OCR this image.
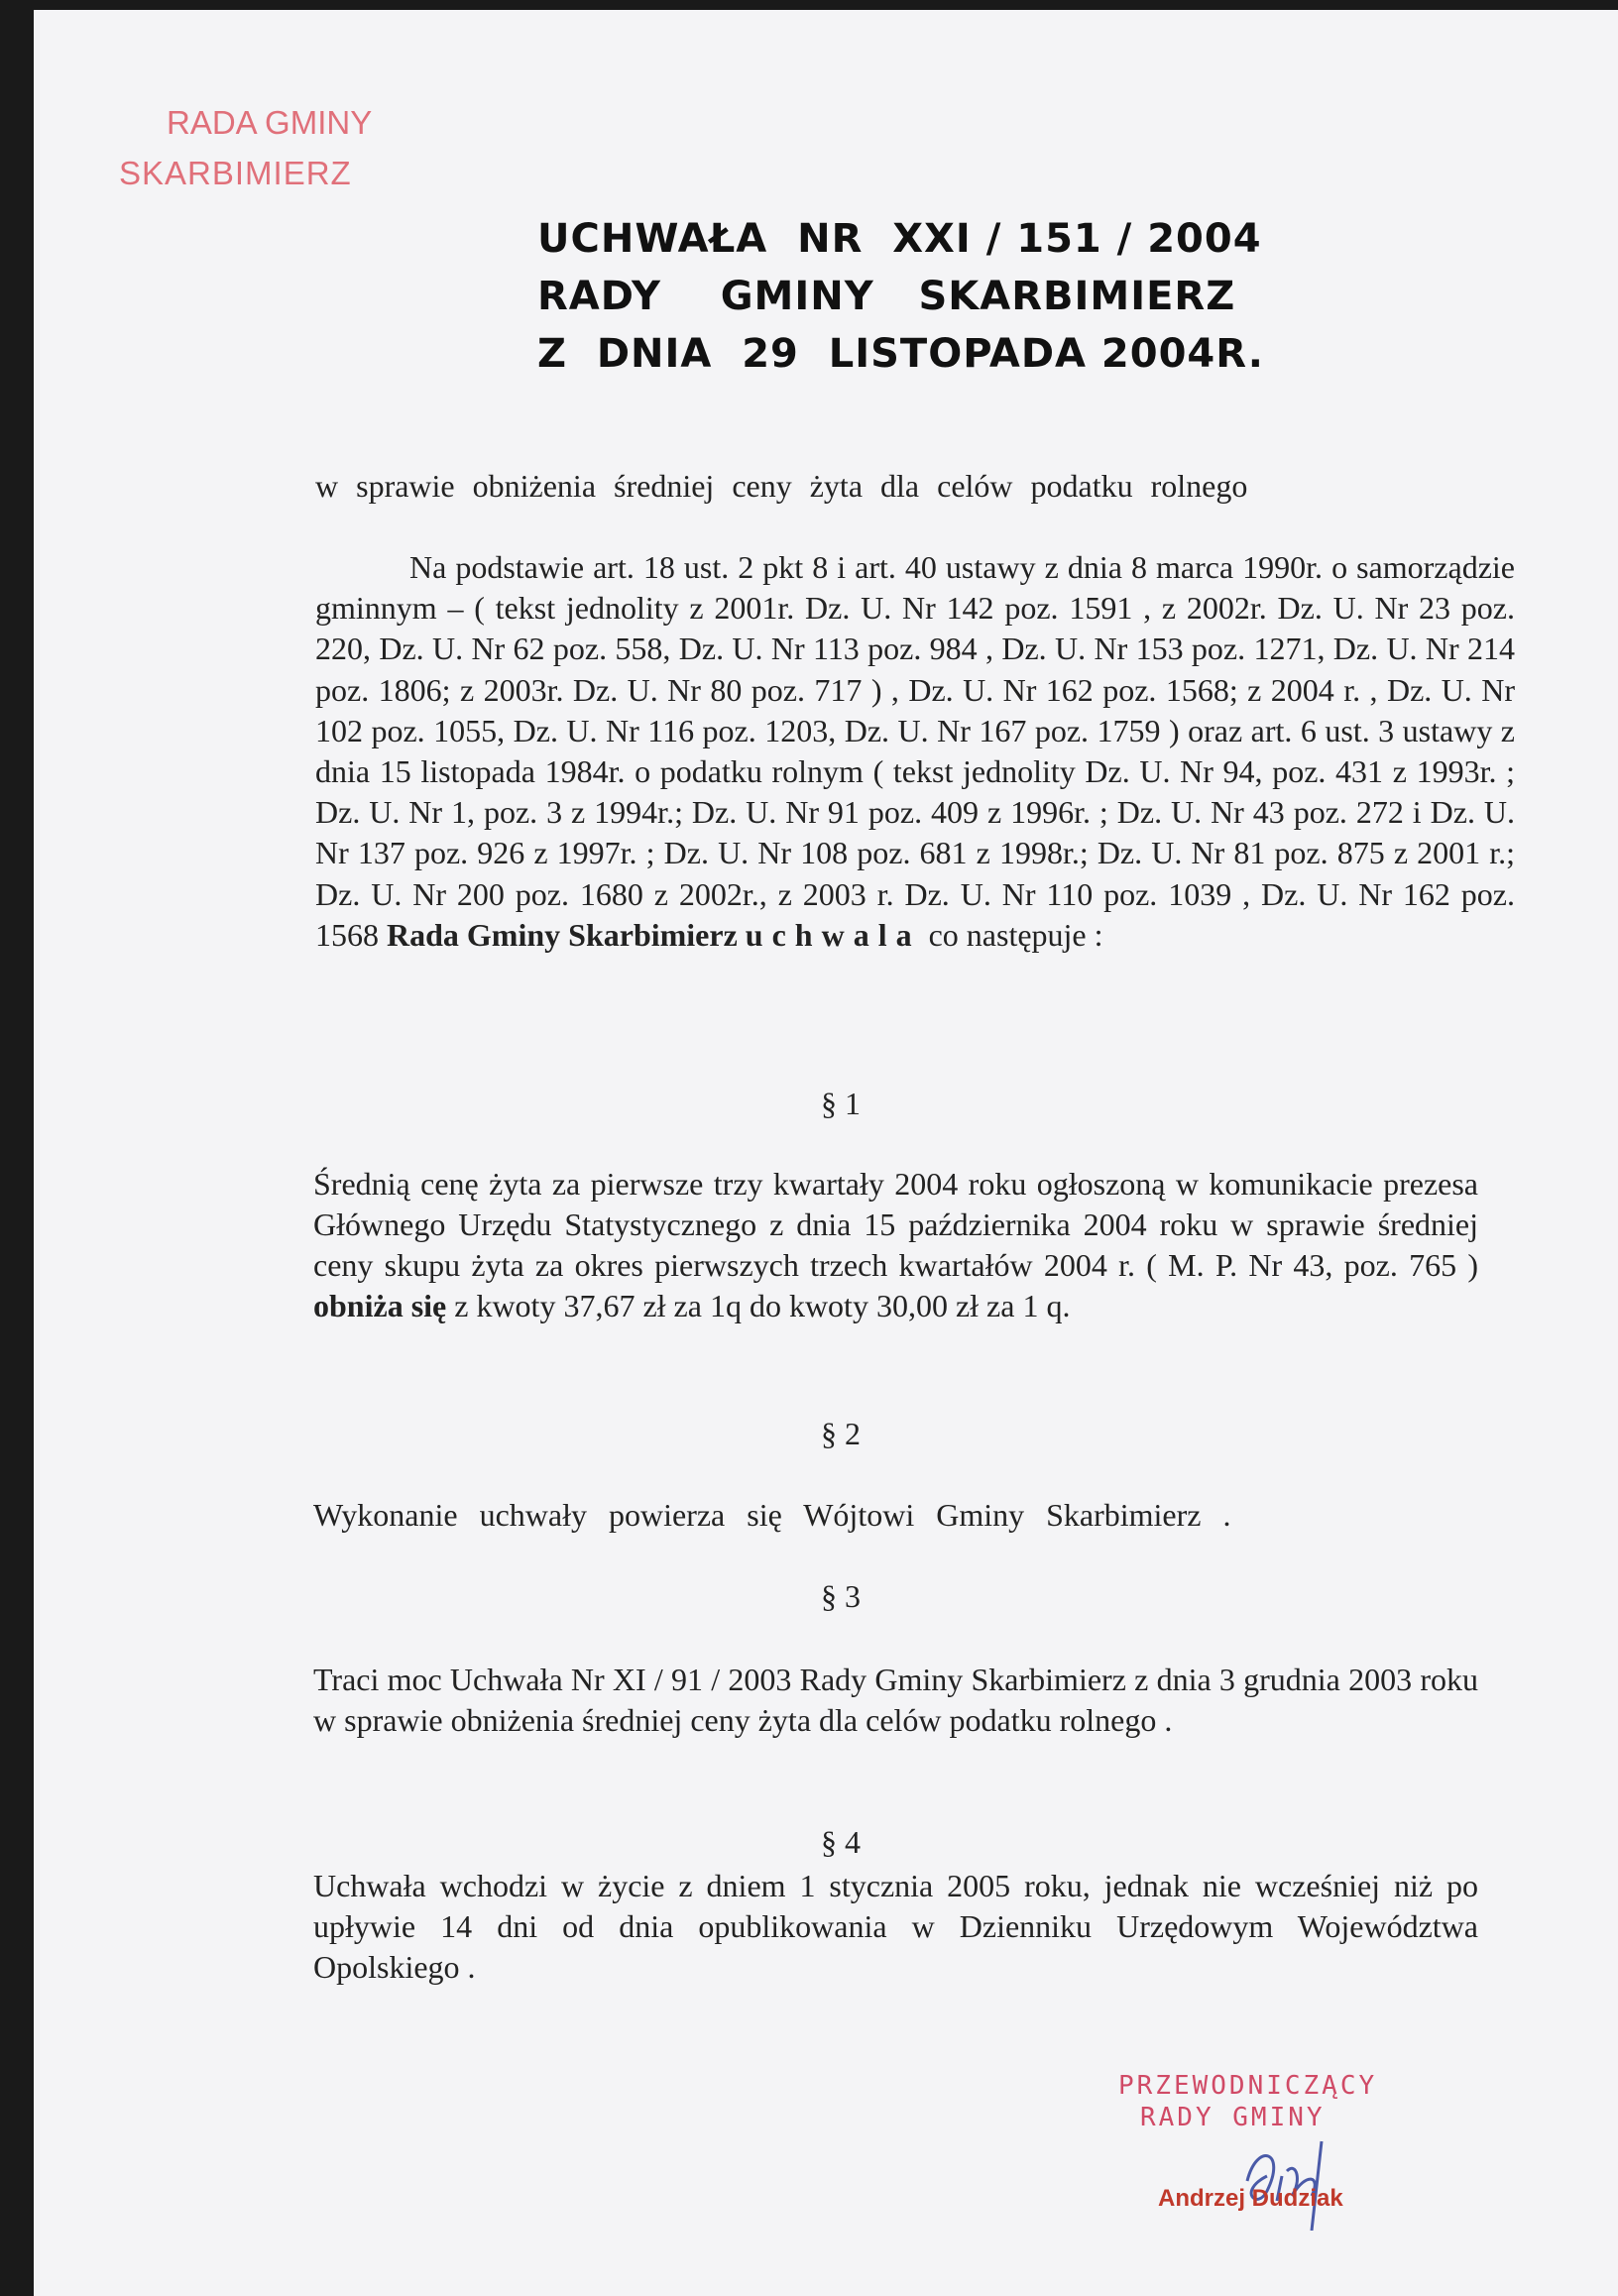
RADA GMINY
SKARBIMIERZ
UCHWAŁA  NR  XXI / 151 / 2004
RADY    GMINY   SKARBIMIERZ
Z  DNIA  29  LISTOPADA 2004R.
w sprawie obniżenia średniej ceny żyta dla celów podatku rolnego
Na podstawie art. 18 ust. 2 pkt 8 i art. 40 ustawy z dnia 8 marca 1990r. o samorządzie gminnym – ( tekst jednolity z 2001r. Dz. U. Nr 142 poz. 1591 , z 2002r. Dz. U. Nr 23 poz. 220, Dz. U. Nr 62 poz. 558, Dz. U. Nr 113 poz. 984 , Dz. U. Nr 153 poz. 1271, Dz. U. Nr 214 poz. 1806; z 2003r. Dz. U. Nr 80 poz. 717 ) , Dz. U. Nr 162 poz. 1568; z 2004 r. , Dz. U. Nr 102 poz. 1055, Dz. U. Nr 116 poz. 1203, Dz. U. Nr 167 poz. 1759 ) oraz art. 6 ust. 3 ustawy z dnia 15 listopada 1984r. o podatku rolnym ( tekst jednolity Dz. U. Nr 94, poz. 431 z 1993r. ; Dz. U. Nr 1, poz. 3 z 1994r.; Dz. U. Nr 91 poz. 409 z 1996r. ; Dz. U. Nr 43 poz. 272 i Dz. U. Nr 137 poz. 926 z 1997r. ; Dz. U. Nr 108 poz. 681 z 1998r.; Dz. U. Nr 81 poz. 875 z 2001 r.; Dz. U. Nr 200 poz. 1680 z 2002r., z 2003 r. Dz. U. Nr 110 poz. 1039 , Dz. U. Nr 162 poz. 1568 Rada Gminy Skarbimierz uchwala co następuje :
§ 1
Średnią cenę żyta za pierwsze trzy kwartały 2004 roku ogłoszoną w komunikacie prezesa Głównego Urzędu Statystycznego z dnia 15 października 2004 roku w sprawie średniej ceny skupu żyta za okres pierwszych trzech kwartałów 2004 r. ( M. P. Nr 43, poz. 765 ) obniża się z kwoty 37,67 zł za 1q do kwoty 30,00 zł za 1 q.
§ 2
Wykonanie uchwały powierza się Wójtowi Gminy Skarbimierz .
§ 3
Traci moc Uchwała Nr XI / 91 / 2003 Rady Gminy Skarbimierz z dnia 3 grudnia 2003 roku w sprawie obniżenia średniej ceny żyta dla celów podatku rolnego .
§ 4
Uchwała wchodzi w życie z dniem 1 stycznia 2005 roku, jednak nie wcześniej niż po upływie 14 dni od dnia opublikowania w Dzienniku Urzędowym Województwa Opolskiego .
PRZEWODNICZĄCY
RADY GMINY
Andrzej Dudziak
